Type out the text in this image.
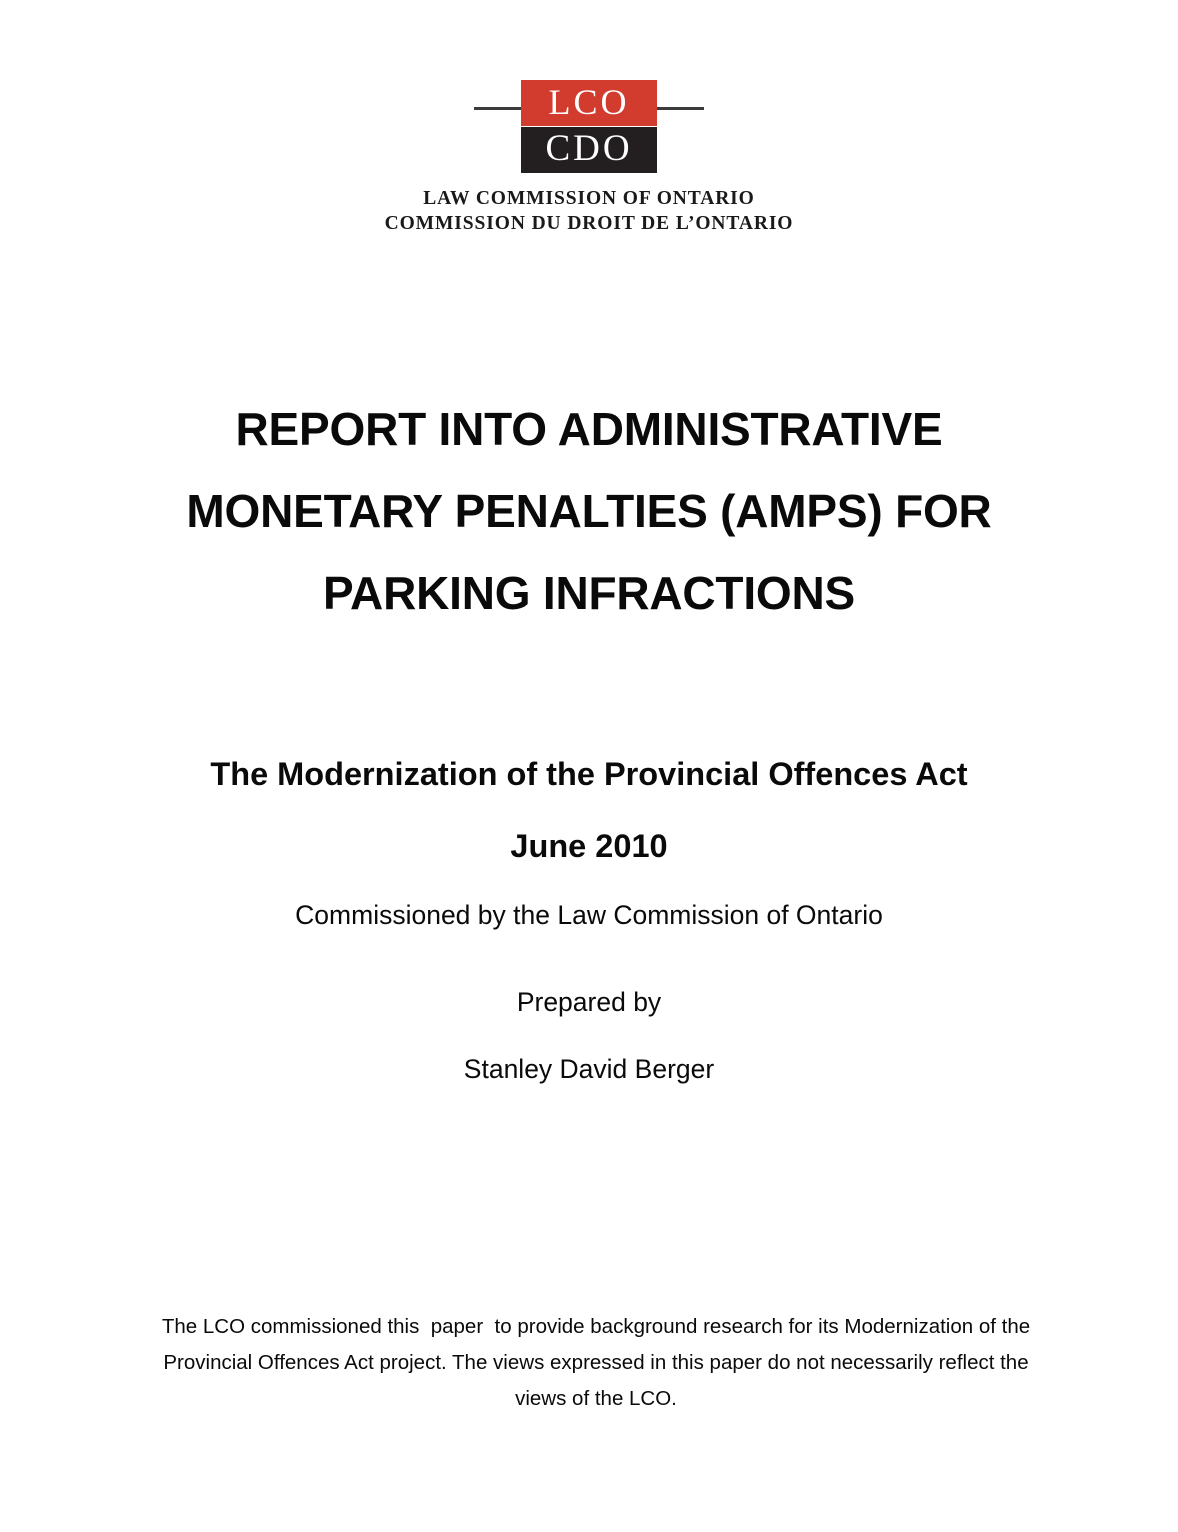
LCO
CDO
LAW COMMISSION OF ONTARIO
COMMISSION DU DROIT DE L’ONTARIO
REPORT INTO ADMINISTRATIVE
MONETARY PENALTIES (AMPS) FOR
PARKING INFRACTIONS
The Modernization of the Provincial Offences Act
June 2010
Commissioned by the Law Commission of Ontario
Prepared by
Stanley David Berger
The LCO commissioned this  paper  to provide background research for its Modernization of the Provincial Offences Act project. The views expressed in this paper do not necessarily reflect the views of the LCO.
